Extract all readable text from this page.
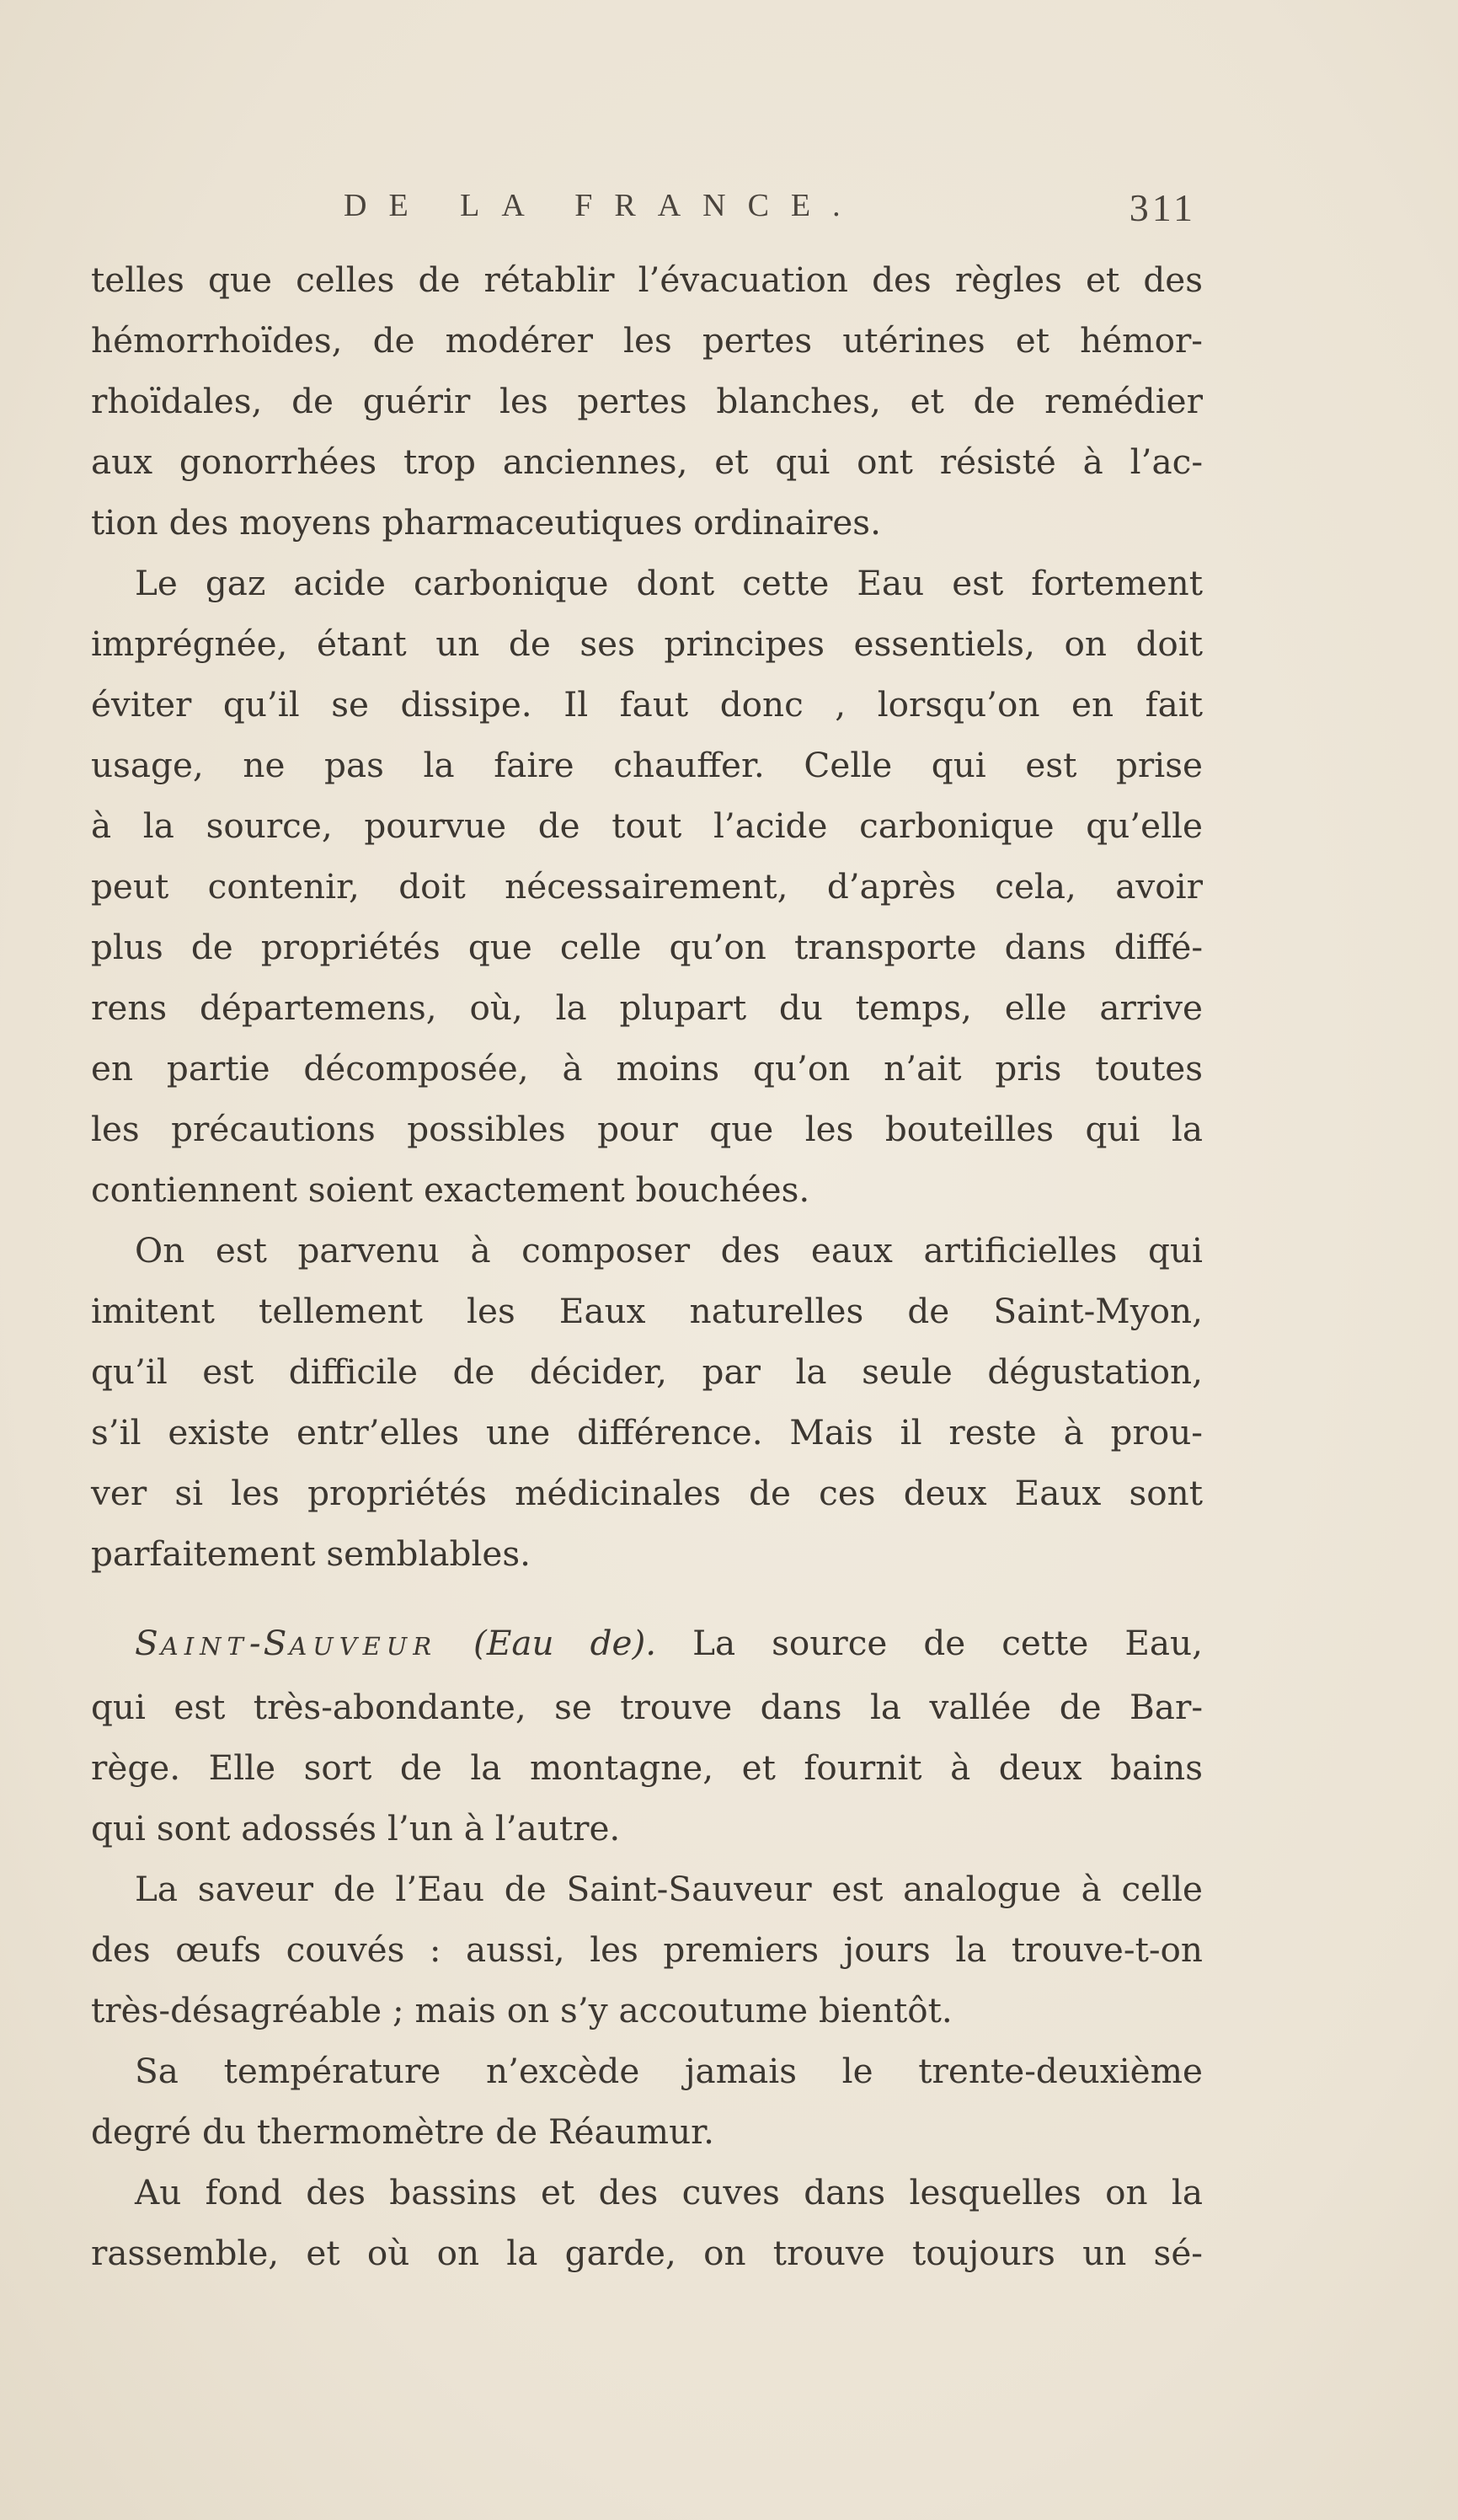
DE LA FRANCE.	311

telles que celles de rétablir l’évacuation des règles et des

hémorrhoïdes, de modérer les pertes utérines et hémor-

rhoïdales, de guérir les pertes blanches, et de remédier

aux gonorrhées trop anciennes, et qui ont résisté à l’ac-

tion des moyens pharmaceutiques ordinaires.

Le gaz acide carbonique dont cette Eau est fortement

imprégnée, étant un de ses principes essentiels, on doit

éviter qu’il se dissipe. Il faut donc , lorsqu’on en fait

usage, ne pas la faire chauffer. Celle qui est prise

à la source, pourvue de tout l’acide carbonique qu’elle

peut contenir, doit nécessairement, d’après cela, avoir

plus de propriétés que celle qu’on transporte dans diffé-

rens départemens, où, la plupart du temps, elle arrive

en partie décomposée, à moins qu’on n’ait pris toutes

les précautions possibles pour que les bouteilles qui la

contiennent soient exactement bouchées.

On est parvenu à composer des eaux artificielles qui

imitent tellement les Eaux naturelles de Saint-Myon,

qu’il est difficile de décider, par la seule dégustation,

s’il existe entr’elles une différence. Mais il reste à prou-

ver si les propriétés médicinales de ces deux Eaux sont

parfaitement semblables.

SAINT-SAUVEUR (Eau de). La source de cette Eau,

qui est très-abondante, se trouve dans la vallée de Bar-

rège. Elle sort de la montagne, et fournit à deux bains

qui sont adossés l’un à l’autre.

La saveur de l’Eau de Saint-Sauveur est analogue à celle

des œufs couvés : aussi, les premiers jours la trouve-t-on

très-désagréable ; mais on s’y accoutume bientôt.

Sa température n’excède jamais le trente-deuxième

degré du thermomètre de Réaumur.

Au fond des bassins et des cuves dans lesquelles on la

rassemble, et où on la garde, on trouve toujours un sé-
